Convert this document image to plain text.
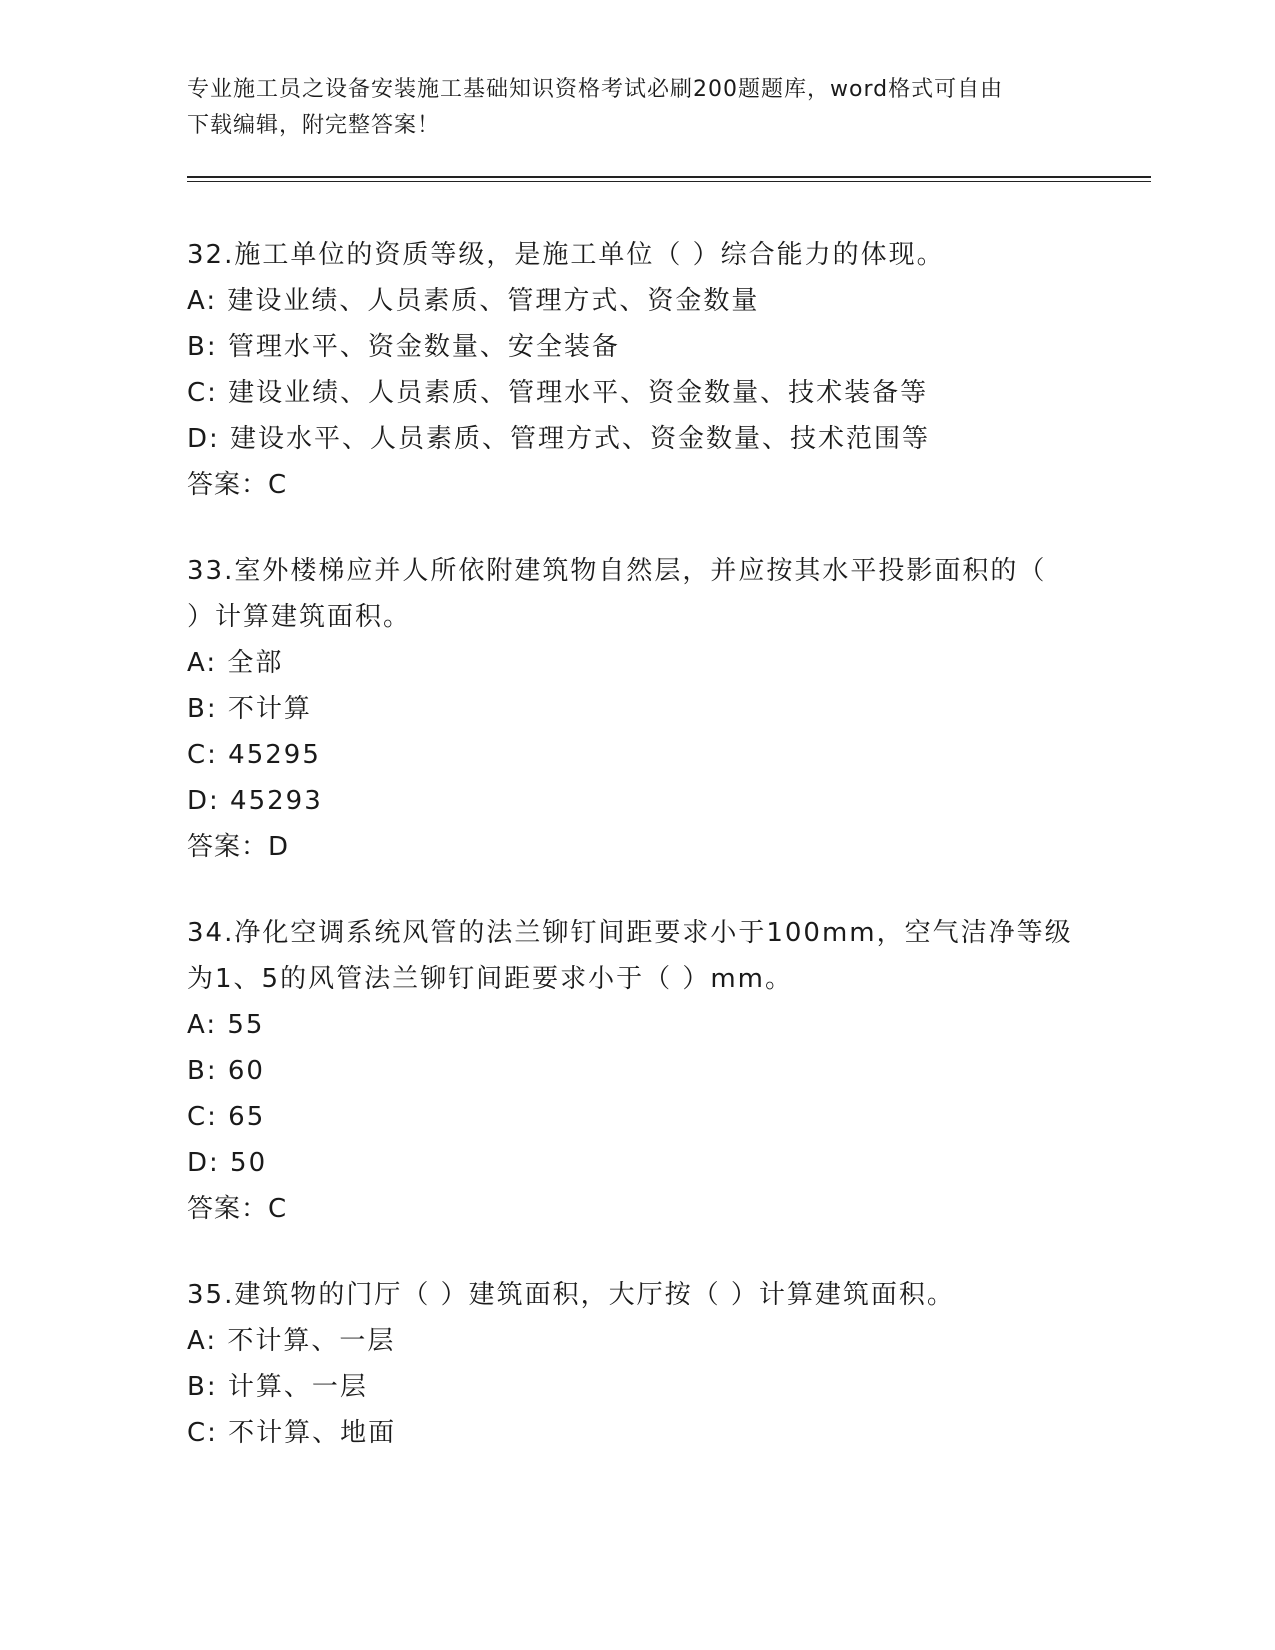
专业施工员之设备安装施工基础知识资格考试必刷200题题库，word格式可自由
下载编辑，附完整答案！

32.施工单位的资质等级，是施工单位（ ）综合能力的体现。

A: 建设业绩、人员素质、管理方式、资金数量

B: 管理水平、资金数量、安全装备

C: 建设业绩、人员素质、管理水平、资金数量、技术装备等

D: 建设水平、人员素质、管理方式、资金数量、技术范围等

答案：C

33.室外楼梯应并人所依附建筑物自然层，并应按其水平投影面积的（

）计算建筑面积。

A: 全部

B: 不计算

C: 45295

D: 45293

答案：D

34.净化空调系统风管的法兰铆钉间距要求小于100mm，空气洁净等级

为1、5的风管法兰铆钉间距要求小于（ ）mm。

A: 55

B: 60

C: 65

D: 50

答案：C

35.建筑物的门厅（ ）建筑面积，大厅按（ ）计算建筑面积。

A: 不计算、一层

B: 计算、一层

C: 不计算、地面
